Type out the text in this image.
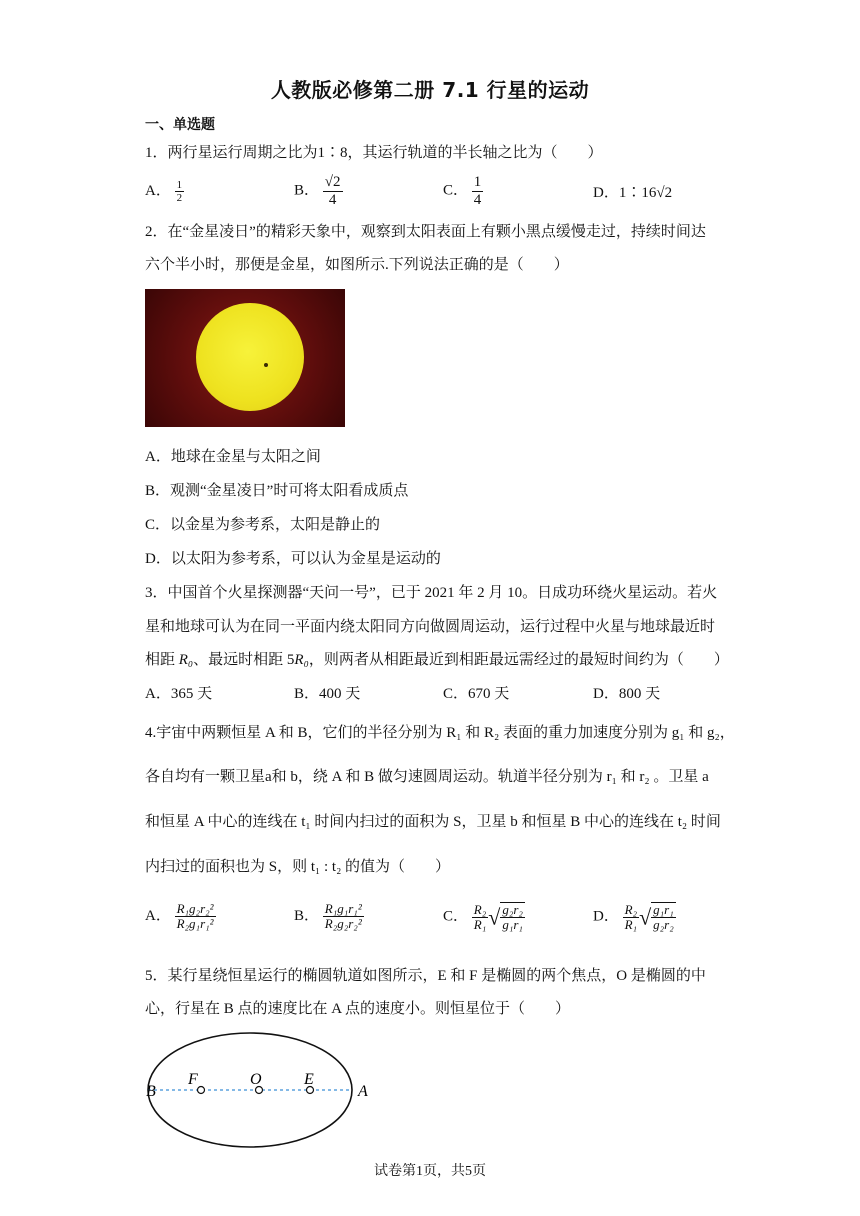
人教版必修第二册 7.1 行星的运动
一、单选题
1．两行星运行周期之比为1∶8，其运行轨道的半长轴之比为（　　）
A． $\frac{1}{2}$	B． $\frac{√2}{4}$	C． $\frac{1}{4}$	D．1∶16√2
2．在“金星凌日”的精彩天象中，观察到太阳表面上有颗小黑点缓慢走过，持续时间达
六个半小时，那便是金星，如图所示.下列说法正确的是（　　）
A．地球在金星与太阳之间
B．观测“金星凌日”时可将太阳看成质点
C．以金星为参考系，太阳是静止的
D．以太阳为参考系，可以认为金星是运动的
3．中国首个火星探测器“天问一号”，已于 2021 年 2 月 10。日成功环绕火星运动。若火
星和地球可认为在同一平面内绕太阳同方向做圆周运动，运行过程中火星与地球最近时
相距 R₀、最远时相距 5R₀，则两者从相距最近到相距最远需经过的最短时间约为（　　）
A．365 天	B．400 天	C．670 天	D．800 天
4.宇宙中两颗恒星 A 和 B，它们的半径分别为 R₁ 和 R₂ 表面的重力加速度分别为 g₁ 和 g₂，
各自均有一颗卫星a和 b，绕 A 和 B 做匀速圆周运动。轨道半径分别为 r₁ 和 r₂ 。卫星 a
和恒星 A 中心的连线在 t₁ 时间内扫过的面积为 S，卫星 b 和恒星 B 中心的连线在 t₂ 时间
内扫过的面积也为 S，则 t₁ : t₂ 的值为（　　）
A． $\frac{\text{R₁g₂r₂²}}{\text{R₂g₁r₁²}}$	B． $\frac{\text{R₁g₁r₁²}}{\text{R₂g₂r₂²}}$	C． $\frac{\text{R₂}}{\text{R₁}}$ √ $\frac{\text{g₂r₂}}{\text{g₁r₁}}$	D． $\frac{\text{R₂}}{\text{R₁}}$ √ $\frac{\text{g₁r₁}}{\text{g₂r₂}}$
5．某行星绕恒星运行的椭圆轨道如图所示，E 和 F 是椭圆的两个焦点，O 是椭圆的中
心，行星在 B 点的速度比在 A 点的速度小。则恒星位于（　　）
B
F	O	E
A
试卷第1页，共5页
